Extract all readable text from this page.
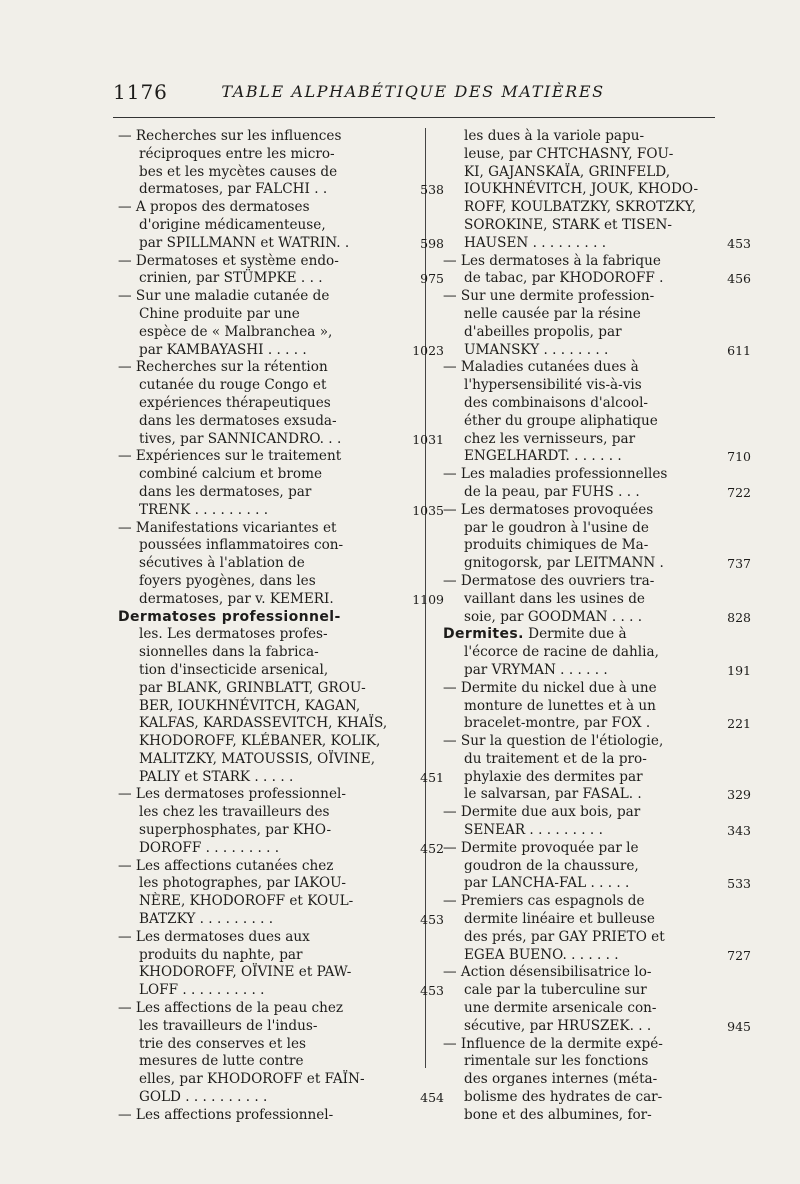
1176	TABLE ALPHABÉTIQUE DES MATIÈRES
— Recherches sur les influences
réciproques entre les micro-
bes et les mycètes causes de
dermatoses, par FALCHI . .	538
— A propos des dermatoses
d'origine médicamenteuse,
par SPILLMANN et WATRIN. .	598
— Dermatoses et système endo-
crinien, par STÜMPKE . . .	975
— Sur une maladie cutanée de
Chine produite par une
espèce de « Malbranchea »,
par KAMBAYASHI . . . . .	1023
— Recherches sur la rétention
cutanée du rouge Congo et
expériences thérapeutiques
dans les dermatoses exsuda-
tives, par SANNICANDRO. . .	1031
— Expériences sur le traitement
combiné calcium et brome
dans les dermatoses, par
TRENK . . . . . . . . .	1035
— Manifestations vicariantes et
poussées inflammatoires con-
sécutives à l'ablation de
foyers pyogènes, dans les
dermatoses, par v. KEMERI.	1109
Dermatoses professionnel-
les. Les dermatoses profes-
sionnelles dans la fabrica-
tion d'insecticide arsenical,
par BLANK, GRINBLATT, GROU-
BER, IOUKHNÉVITCH, KAGAN,
KALFAS, KARDASSEVITCH, KHAÏS,
KHODOROFF, KLÉBANER, KOLIK,
MALITZKY, MATOUSSIS, OÏVINE,
PALIY et STARK . . . . .	451
— Les dermatoses professionnel-
les chez les travailleurs des
superphosphates, par KHO-
DOROFF . . . . . . . . .	452
— Les affections cutanées chez
les photographes, par IAKOU-
NÈRE, KHODOROFF et KOUL-
BATZKY . . . . . . . . .	453
— Les dermatoses dues aux
produits du naphte, par
KHODOROFF, OÏVINE et PAW-
LOFF . . . . . . . . . .	453
— Les affections de la peau chez
les travailleurs de l'indus-
trie des conserves et les
mesures de lutte contre
elles, par KHODOROFF et FAÏN-
GOLD . . . . . . . . . .	454
— Les affections professionnel-
les dues à la variole papu-
leuse, par CHTCHASNY, FOU-
KI, GAJANSKAÏA, GRINFELD,
IOUKHNÉVITCH, JOUK, KHODO-
ROFF, KOULBATZKY, SKROTZKY,
SOROKINE, STARK et TISEN-
HAUSEN . . . . . . . . .	453
— Les dermatoses à la fabrique
de tabac, par KHODOROFF .	456
— Sur une dermite profession-
nelle causée par la résine
d'abeilles propolis, par
UMANSKY . . . . . . . .	611
— Maladies cutanées dues à
l'hypersensibilité vis-à-vis
des combinaisons d'alcool-
éther du groupe aliphatique
chez les vernisseurs, par
ENGELHARDT. . . . . . .	710
— Les maladies professionnelles
de la peau, par FUHS . . .	722
— Les dermatoses provoquées
par le goudron à l'usine de
produits chimiques de Ma-
gnitogorsk, par LEITMANN .	737
— Dermatose des ouvriers tra-
vaillant dans les usines de
soie, par GOODMAN . . . .	828
Dermites. Dermite due à
l'écorce de racine de dahlia,
par VRYMAN . . . . . .	191
— Dermite du nickel due à une
monture de lunettes et à un
bracelet-montre, par FOX .	221
— Sur la question de l'étiologie,
du traitement et de la pro-
phylaxie des dermites par
le salvarsan, par FASAL. .	329
— Dermite due aux bois, par
SENEAR . . . . . . . . .	343
— Dermite provoquée par le
goudron de la chaussure,
par LANCHA-FAL . . . . .	533
— Premiers cas espagnols de
dermite linéaire et bulleuse
des prés, par GAY PRIETO et
EGEA BUENO. . . . . . .	727
— Action désensibilisatrice lo-
cale par la tuberculine sur
une dermite arsenicale con-
sécutive, par HRUSZEK. . .	945
— Influence de la dermite expé-
rimentale sur les fonctions
des organes internes (méta-
bolisme des hydrates de car-
bone et des albumines, for-
